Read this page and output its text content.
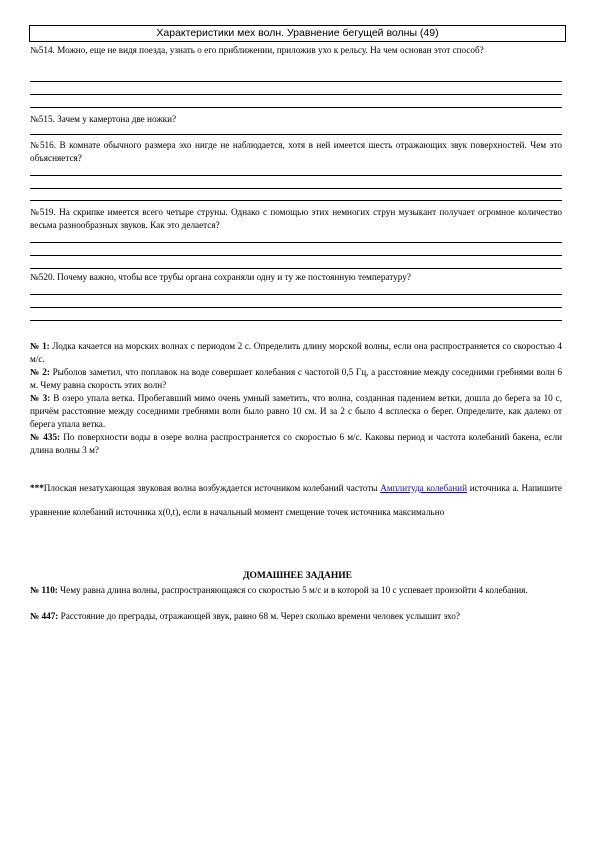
Характеристики мех волн. Уравнение бегущей волны (49)
№514. Можно, еще не видя поезда, узнать о его приближении, приложив ухо к рельсу. На чем основан этот способ?
№515. Зачем у камертона две ножки?
№516. В комнате обычного размера эхо нигде не наблюдается, хотя в ней имеется шесть отражающих звук поверхностей. Чем это объясняется?
№519. На скрипке имеется всего четыре струны. Однако с помощью этих немногих струн музыкант получает огромное количество весьма разнообразных звуков. Как это делается?
№520. Почему важно, чтобы все трубы органа сохраняли одну и ту же постоянную температуру?
№ 1: Лодка качается на морских волнах с периодом 2 с. Определить длину морской волны, если она распространяется со скоростью 4 м/с.
№ 2: Рыболов заметил, что поплавок на воде совершает колебания с частотой 0,5 Гц, а расстояние между соседними гребнями волн 6 м. Чему равна скорость этих волн?
№ 3: В озеро упала ветка. Пробегавший мимо очень умный заметить, что волна, созданная падением ветки, дошла до берега за 10 с, причём расстояние между соседними гребнями волн было равно 10 см. И за 2 с было 4 всплеска о берег. Определите, как далеко от берега упала ветка.
№ 435: По поверхности воды в озере волна распространяется со скоростью 6 м/с. Каковы период и частота колебаний бакена, если длина волны 3 м?
***Плоская незатухающая звуковая волна возбуждается источником колебаний частоты Амплитуда колебаний источника а. Напишите уравнение колебаний источника x(0,t), если в начальный момент смещение точек источника максимально
ДОМАШНЕЕ ЗАДАНИЕ
№ 110: Чему равна длина волны, распространяющаяся со скоростью 5 м/с и в которой за 10 с успевает произойти 4 колебания.
№ 447: Расстояние до преграды, отражающей звук, равно 68 м. Через сколько времени человек услышит эхо?
